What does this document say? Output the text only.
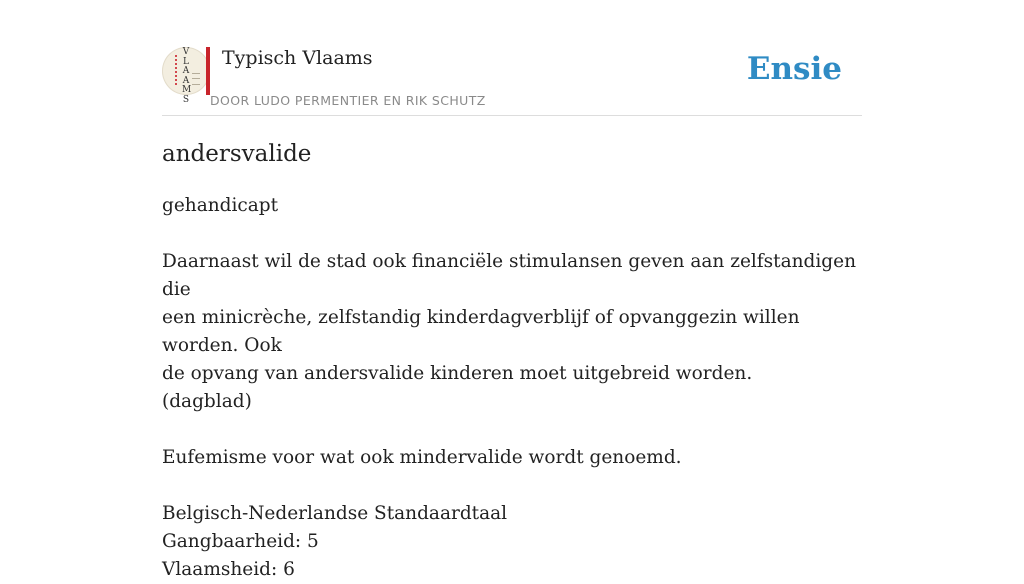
V
L
A
A
M
S
Typisch Vlaams
DOOR LUDO PERMENTIER EN RIK SCHUTZ
Ensie
andersvalide

gehandicapt

Daarnaast wil de stad ook financiële stimulansen geven aan zelfstandigen die

een minicrèche, zelfstandig kinderdagverblijf of opvanggezin willen worden. Ook

de opvang van andersvalide kinderen moet uitgebreid worden.

(dagblad)

Eufemisme voor wat ook mindervalide wordt genoemd.

Belgisch-Nederlandse Standaardtaal

Gangbaarheid: 5

Vlaamsheid: 6
